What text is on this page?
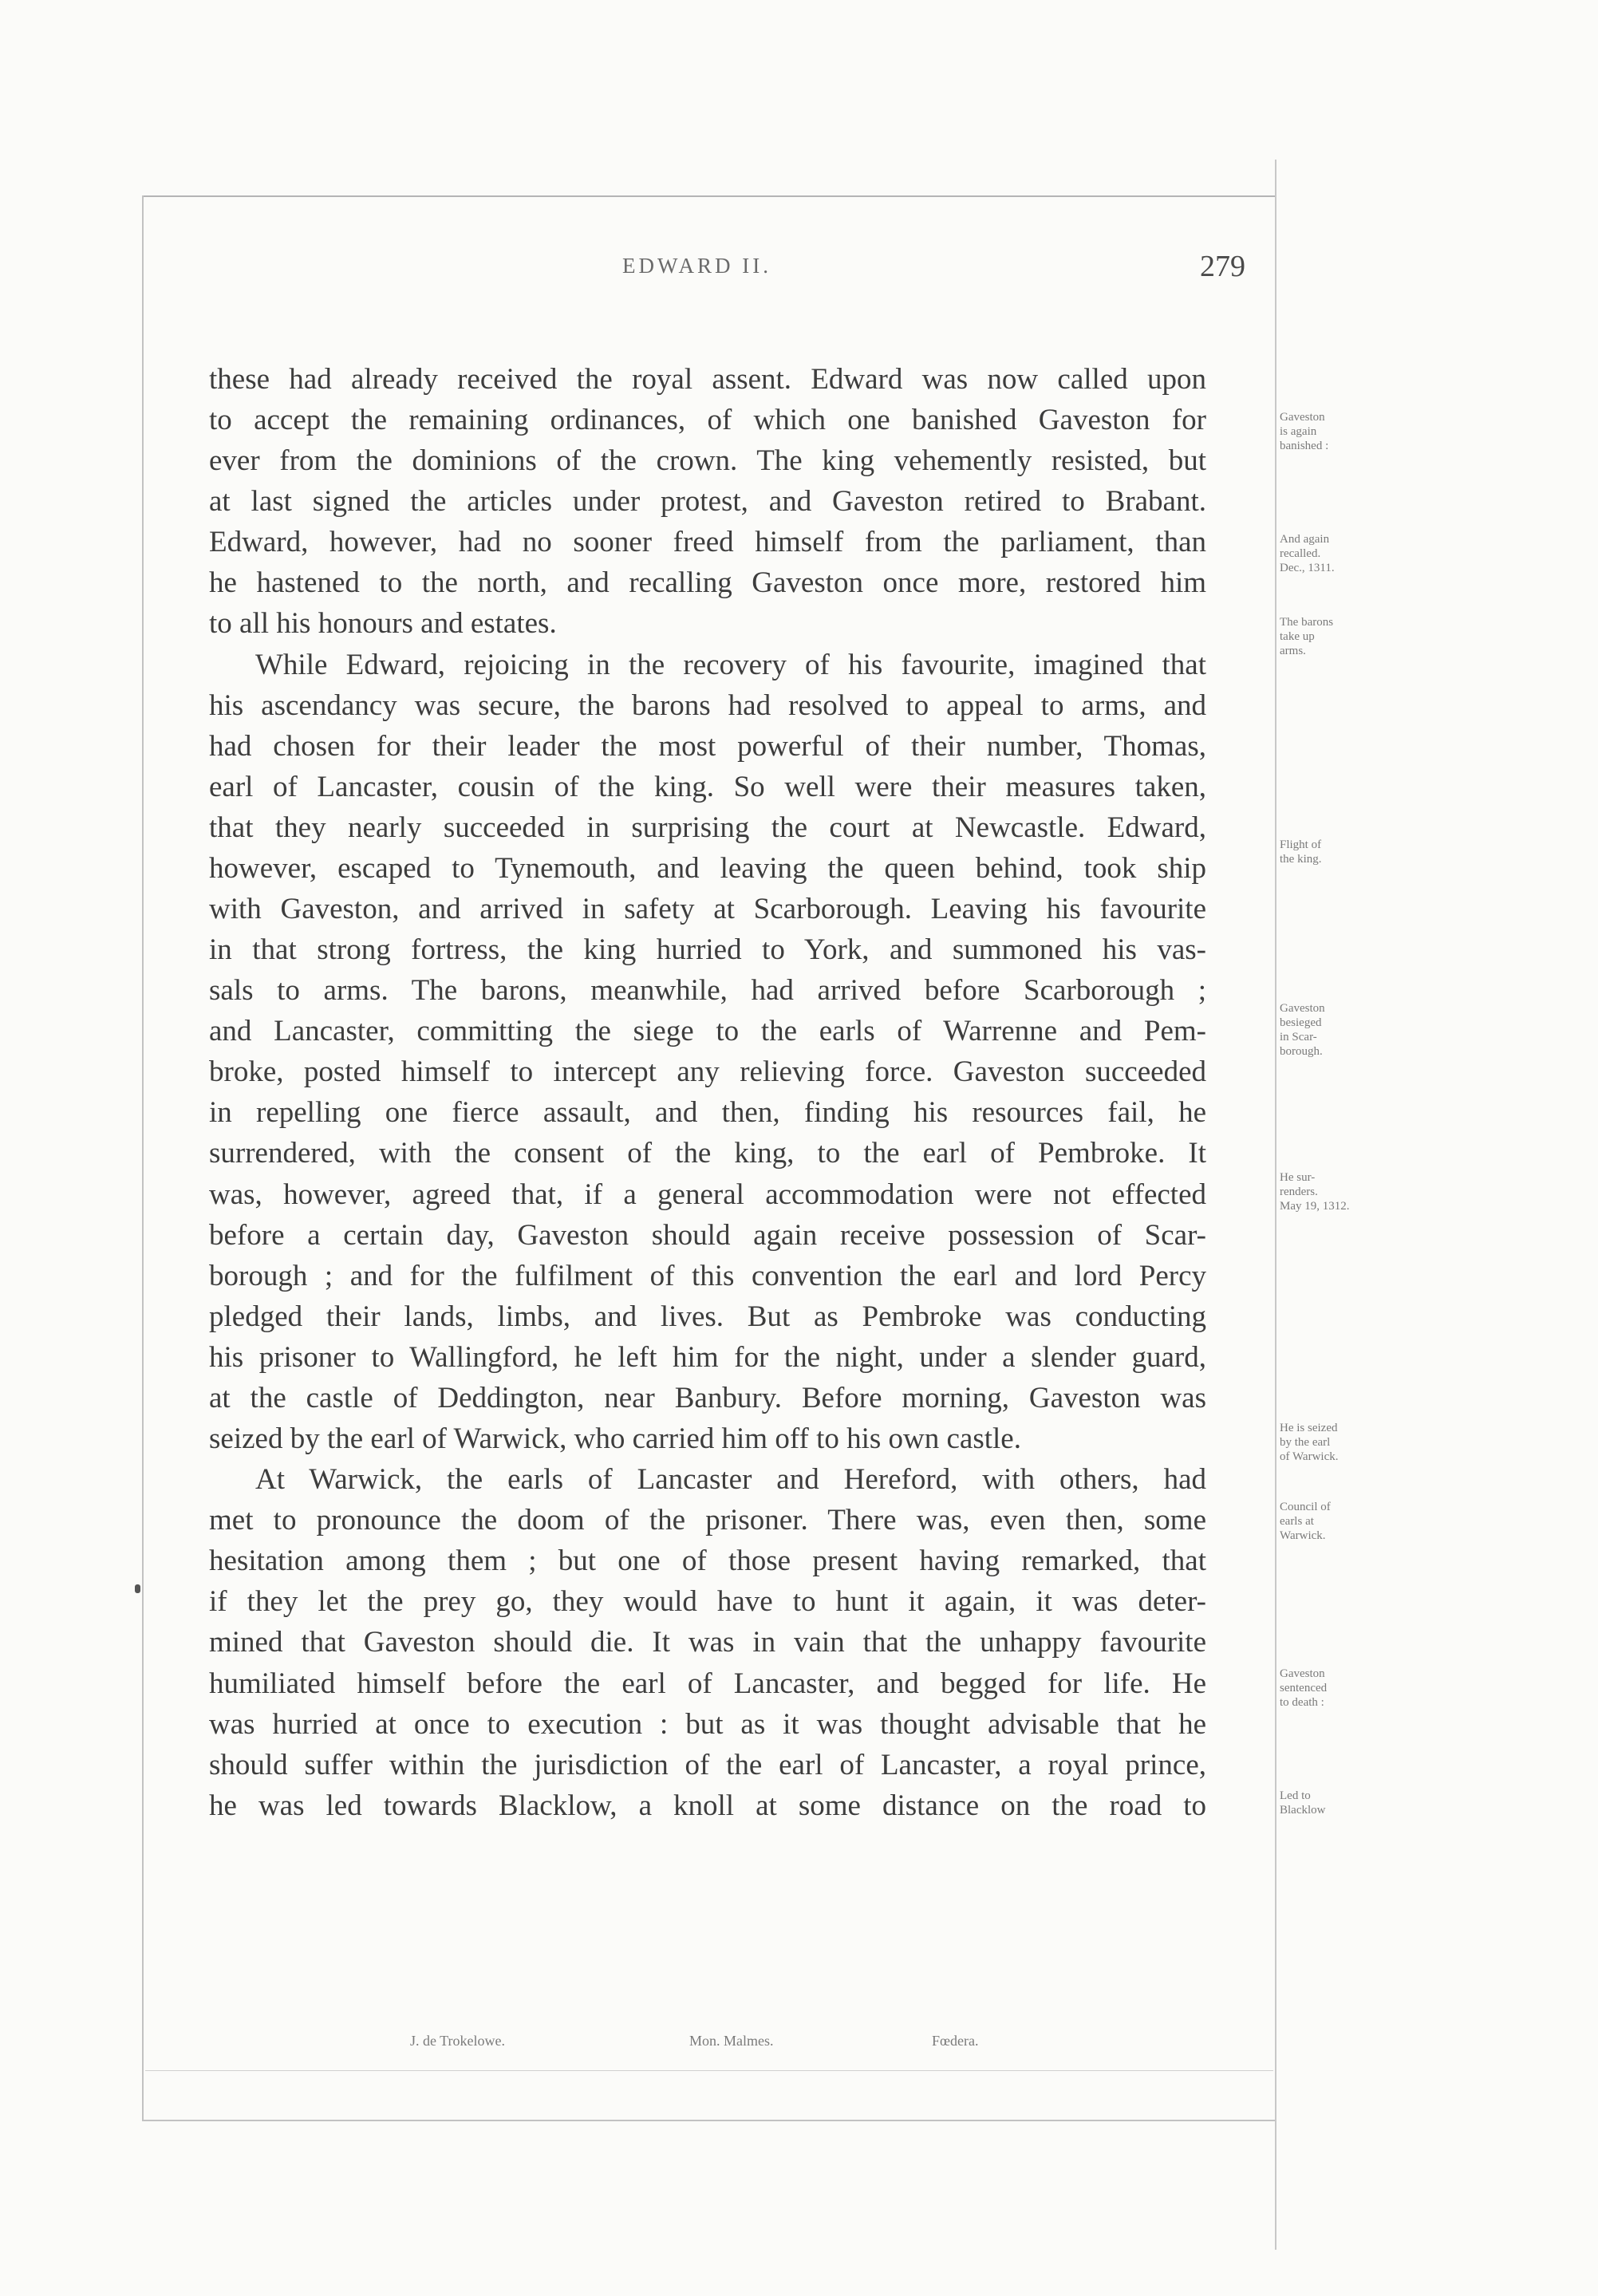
EDWARD II.	279
these had already received the royal assent. Edward was now called upon
to accept the remaining ordinances, of which one banished Gaveston for
ever from the dominions of the crown. The king vehemently resisted, but
at last signed the articles under protest, and Gaveston retired to Brabant.
Edward, however, had no sooner freed himself from the parliament, than
he hastened to the north, and recalling Gaveston once more, restored him
to all his honours and estates.
While Edward, rejoicing in the recovery of his favourite, imagined that
his ascendancy was secure, the barons had resolved to appeal to arms, and
had chosen for their leader the most powerful of their number, Thomas,
earl of Lancaster, cousin of the king. So well were their measures taken,
that they nearly succeeded in surprising the court at Newcastle. Edward,
however, escaped to Tynemouth, and leaving the queen behind, took ship
with Gaveston, and arrived in safety at Scarborough. Leaving his favourite
in that strong fortress, the king hurried to York, and summoned his vas-
sals to arms. The barons, meanwhile, had arrived before Scarborough ;
and Lancaster, committing the siege to the earls of Warrenne and Pem-
broke, posted himself to intercept any relieving force. Gaveston succeeded
in repelling one fierce assault, and then, finding his resources fail, he
surrendered, with the consent of the king, to the earl of Pembroke. It
was, however, agreed that, if a general accommodation were not effected
before a certain day, Gaveston should again receive possession of Scar-
borough ; and for the fulfilment of this convention the earl and lord Percy
pledged their lands, limbs, and lives. But as Pembroke was conducting
his prisoner to Wallingford, he left him for the night, under a slender guard,
at the castle of Deddington, near Banbury. Before morning, Gaveston was
seized by the earl of Warwick, who carried him off to his own castle.
At Warwick, the earls of Lancaster and Hereford, with others, had
met to pronounce the doom of the prisoner. There was, even then, some
hesitation among them ; but one of those present having remarked, that
if they let the prey go, they would have to hunt it again, it was deter-
mined that Gaveston should die. It was in vain that the unhappy favourite
humiliated himself before the earl of Lancaster, and begged for life. He
was hurried at once to execution : but as it was thought advisable that he
should suffer within the jurisdiction of the earl of Lancaster, a royal prince,
he was led towards Blacklow, a knoll at some distance on the road to
Gaveston
is again
banished :
And again
recalled.
Dec., 1311.
The barons
take up
arms.
Flight of
the king.
Gaveston
besieged
in Scar-
borough.
He sur-
renders.
May 19, 1312.
He is seized
by the earl
of Warwick.
Council of
earls at
Warwick.
Gaveston
sentenced
to death :
Led to
Blacklow
J. de Trokelowe.	Mon. Malmes.	Fœdera.
